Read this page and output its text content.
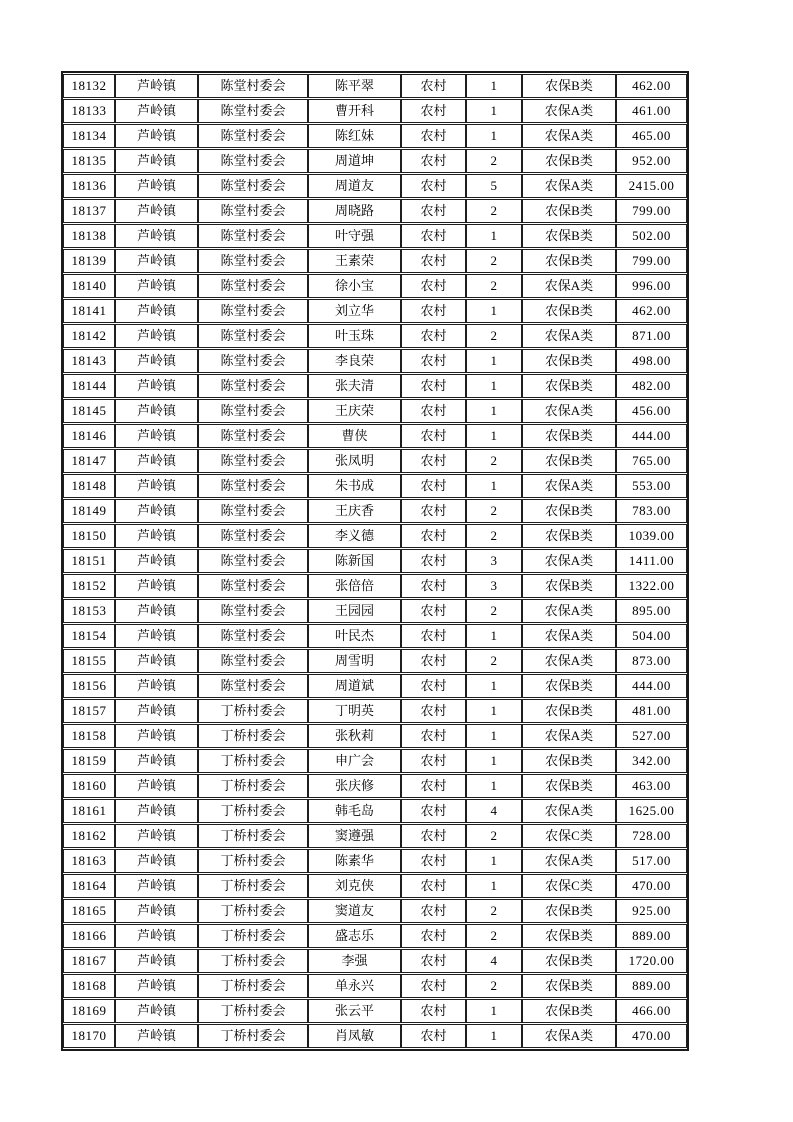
18132	芦岭镇	陈堂村委会	陈平翠	农村	1	农保B类	462.00
18133	芦岭镇	陈堂村委会	曹开科	农村	1	农保A类	461.00
18134	芦岭镇	陈堂村委会	陈红妹	农村	1	农保A类	465.00
18135	芦岭镇	陈堂村委会	周道坤	农村	2	农保B类	952.00
18136	芦岭镇	陈堂村委会	周道友	农村	5	农保A类	2415.00
18137	芦岭镇	陈堂村委会	周晓路	农村	2	农保B类	799.00
18138	芦岭镇	陈堂村委会	叶守强	农村	1	农保B类	502.00
18139	芦岭镇	陈堂村委会	王素荣	农村	2	农保B类	799.00
18140	芦岭镇	陈堂村委会	徐小宝	农村	2	农保A类	996.00
18141	芦岭镇	陈堂村委会	刘立华	农村	1	农保B类	462.00
18142	芦岭镇	陈堂村委会	叶玉珠	农村	2	农保A类	871.00
18143	芦岭镇	陈堂村委会	李良荣	农村	1	农保B类	498.00
18144	芦岭镇	陈堂村委会	张夫清	农村	1	农保B类	482.00
18145	芦岭镇	陈堂村委会	王庆荣	农村	1	农保A类	456.00
18146	芦岭镇	陈堂村委会	曹侠	农村	1	农保B类	444.00
18147	芦岭镇	陈堂村委会	张凤明	农村	2	农保B类	765.00
18148	芦岭镇	陈堂村委会	朱书成	农村	1	农保A类	553.00
18149	芦岭镇	陈堂村委会	王庆香	农村	2	农保B类	783.00
18150	芦岭镇	陈堂村委会	李义德	农村	2	农保B类	1039.00
18151	芦岭镇	陈堂村委会	陈新国	农村	3	农保A类	1411.00
18152	芦岭镇	陈堂村委会	张倍倍	农村	3	农保B类	1322.00
18153	芦岭镇	陈堂村委会	王园园	农村	2	农保A类	895.00
18154	芦岭镇	陈堂村委会	叶民杰	农村	1	农保A类	504.00
18155	芦岭镇	陈堂村委会	周雪明	农村	2	农保A类	873.00
18156	芦岭镇	陈堂村委会	周道斌	农村	1	农保B类	444.00
18157	芦岭镇	丁桥村委会	丁明英	农村	1	农保B类	481.00
18158	芦岭镇	丁桥村委会	张秋莉	农村	1	农保A类	527.00
18159	芦岭镇	丁桥村委会	申广会	农村	1	农保B类	342.00
18160	芦岭镇	丁桥村委会	张庆修	农村	1	农保B类	463.00
18161	芦岭镇	丁桥村委会	韩毛岛	农村	4	农保A类	1625.00
18162	芦岭镇	丁桥村委会	窦遵强	农村	2	农保C类	728.00
18163	芦岭镇	丁桥村委会	陈素华	农村	1	农保A类	517.00
18164	芦岭镇	丁桥村委会	刘克侠	农村	1	农保C类	470.00
18165	芦岭镇	丁桥村委会	窦道友	农村	2	农保B类	925.00
18166	芦岭镇	丁桥村委会	盛志乐	农村	2	农保B类	889.00
18167	芦岭镇	丁桥村委会	李强	农村	4	农保B类	1720.00
18168	芦岭镇	丁桥村委会	单永兴	农村	2	农保B类	889.00
18169	芦岭镇	丁桥村委会	张云平	农村	1	农保B类	466.00
18170	芦岭镇	丁桥村委会	肖凤敏	农村	1	农保A类	470.00
